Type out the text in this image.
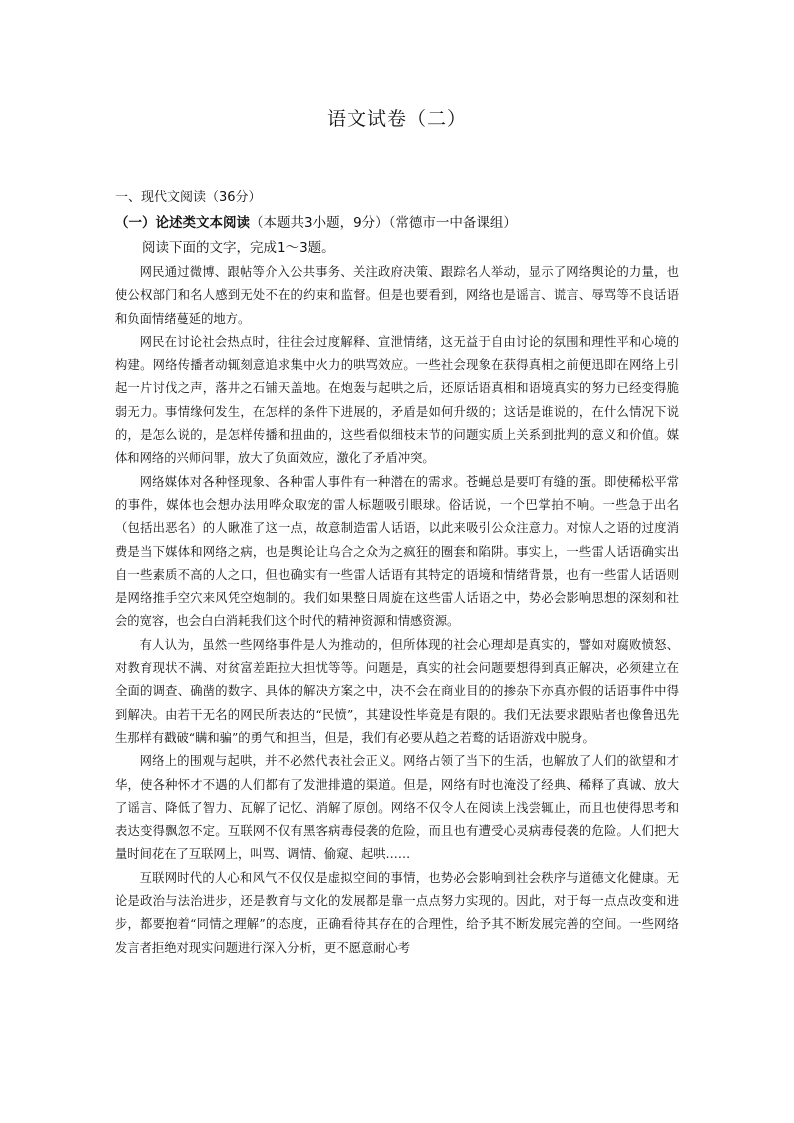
语文试卷（二）
一、现代文阅读（36分）
（一）论述类文本阅读（本题共3小题，9分）（常德市一中备课组）
阅读下面的文字，完成1～3题。

网民通过微博、跟帖等介入公共事务、关注政府决策、跟踪名人举动，显示了网络舆论的力量，也使公权部门和名人感到无处不在的约束和监督。但是也要看到，网络也是谣言、谎言、辱骂等不良话语和负面情绪蔓延的地方。

网民在讨论社会热点时，往往会过度解释、宣泄情绪，这无益于自由讨论的氛围和理性平和心境的构建。网络传播者动辄刻意追求集中火力的哄骂效应。一些社会现象在获得真相之前便迅即在网络上引起一片讨伐之声，落井之石铺天盖地。在炮轰与起哄之后，还原话语真相和语境真实的努力已经变得脆弱无力。事情缘何发生，在怎样的条件下进展的，矛盾是如何升级的；这话是谁说的，在什么情况下说的，是怎么说的，是怎样传播和扭曲的，这些看似细枝末节的问题实质上关系到批判的意义和价值。媒体和网络的兴师问罪，放大了负面效应，激化了矛盾冲突。

网络媒体对各种怪现象、各种雷人事件有一种潜在的需求。苍蝇总是要叮有缝的蛋。即使稀松平常的事件，媒体也会想办法用哗众取宠的雷人标题吸引眼球。俗话说，一个巴掌拍不响。一些急于出名（包括出恶名）的人瞅准了这一点，故意制造雷人话语，以此来吸引公众注意力。对惊人之语的过度消费是当下媒体和网络之病，也是舆论让乌合之众为之疯狂的圈套和陷阱。事实上，一些雷人话语确实出自一些素质不高的人之口，但也确实有一些雷人话语有其特定的语境和情绪背景，也有一些雷人话语则是网络推手空穴来风凭空炮制的。我们如果整日周旋在这些雷人话语之中，势必会影响思想的深刻和社会的宽容，也会白白消耗我们这个时代的精神资源和情感资源。

有人认为，虽然一些网络事件是人为推动的，但所体现的社会心理却是真实的，譬如对腐败愤怒、对教育现状不满、对贫富差距拉大担忧等等。问题是，真实的社会问题要想得到真正解决，必须建立在全面的调查、确凿的数字、具体的解决方案之中，决不会在商业目的的掺杂下亦真亦假的话语事件中得到解决。由若干无名的网民所表达的“民愤”，其建设性毕竟是有限的。我们无法要求跟贴者也像鲁迅先生那样有戳破“瞒和骗”的勇气和担当，但是，我们有必要从趋之若鹜的话语游戏中脱身。

网络上的围观与起哄，并不必然代表社会正义。网络占领了当下的生活，也解放了人们的欲望和才华，使各种怀才不遇的人们都有了发泄排遣的渠道。但是，网络有时也淹没了经典、稀释了真诚、放大了谣言、降低了智力、瓦解了记忆、消解了原创。网络不仅令人在阅读上浅尝辄止，而且也使得思考和表达变得飘忽不定。互联网不仅有黑客病毒侵袭的危险，而且也有遭受心灵病毒侵袭的危险。人们把大量时间花在了互联网上，叫骂、调情、偷窥、起哄……

互联网时代的人心和风气不仅仅是虚拟空间的事情，也势必会影响到社会秩序与道德文化健康。无论是政治与法治进步，还是教育与文化的发展都是靠一点点努力实现的。因此，对于每一点点改变和进步，都要抱着“同情之理解”的态度，正确看待其存在的合理性，给予其不断发展完善的空间。一些网络发言者拒绝对现实问题进行深入分析，更不愿意耐心考
